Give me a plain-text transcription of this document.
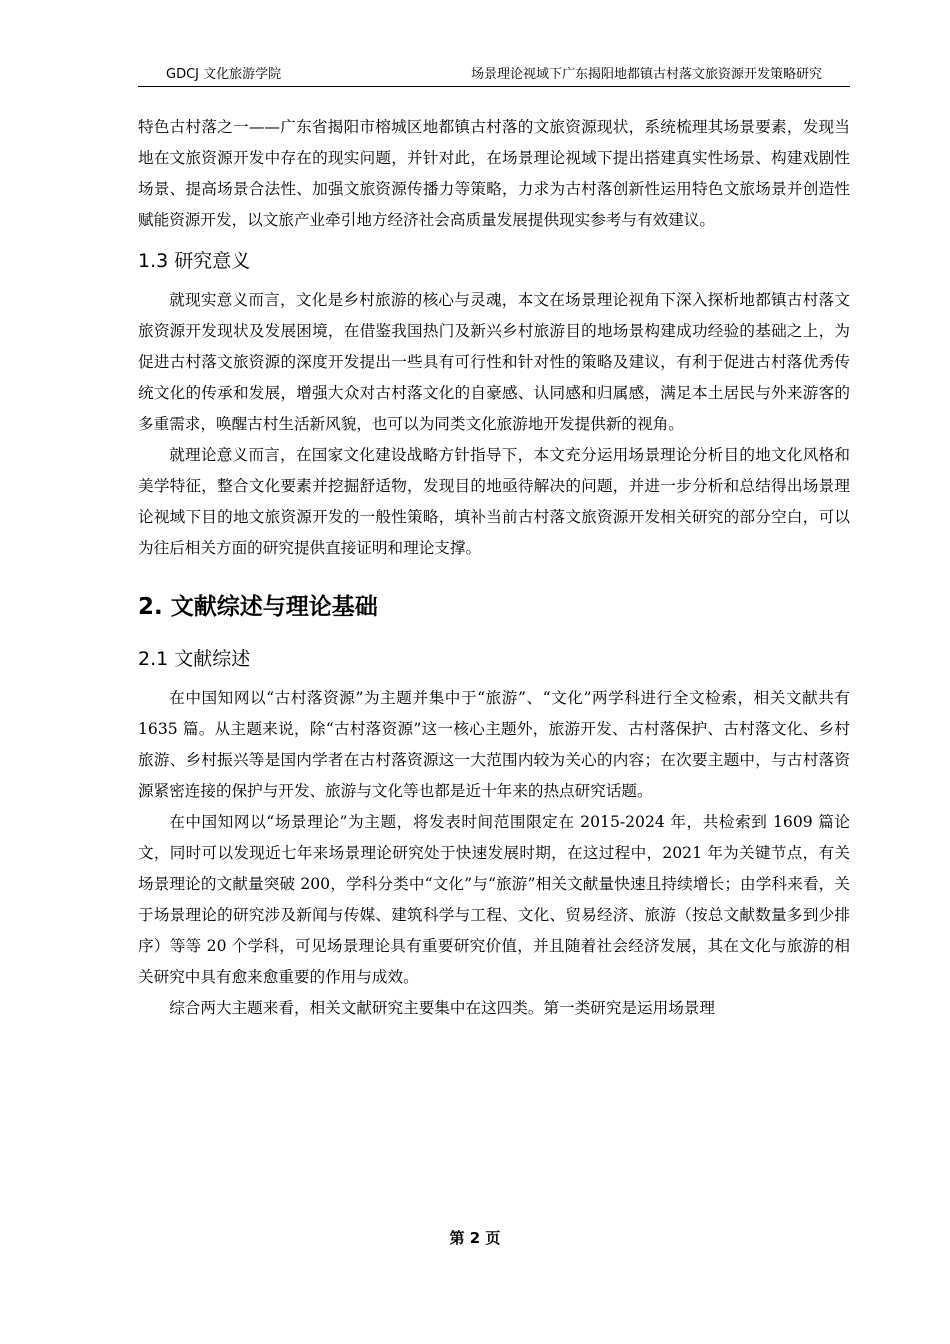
GDCJ 文化旅游学院	场景理论视域下广东揭阳地都镇古村落文旅资源开发策略研究

特色古村落之一——广东省揭阳市榕城区地都镇古村落的文旅资源现状，系统梳理其场景要素，发现当地在文旅资源开发中存在的现实问题，并针对此，在场景理论视域下提出搭建真实性场景、构建戏剧性场景、提高场景合法性、加强文旅资源传播力等策略，力求为古村落创新性运用特色文旅场景并创造性赋能资源开发，以文旅产业牵引地方经济社会高质量发展提供现实参考与有效建议。

1.3 研究意义

就现实意义而言，文化是乡村旅游的核心与灵魂，本文在场景理论视角下深入探析地都镇古村落文旅资源开发现状及发展困境，在借鉴我国热门及新兴乡村旅游目的地场景构建成功经验的基础之上，为促进古村落文旅资源的深度开发提出一些具有可行性和针对性的策略及建议，有利于促进古村落优秀传统文化的传承和发展，增强大众对古村落文化的自豪感、认同感和归属感，满足本土居民与外来游客的多重需求，唤醒古村生活新风貌，也可以为同类文化旅游地开发提供新的视角。

就理论意义而言，在国家文化建设战略方针指导下，本文充分运用场景理论分析目的地文化风格和美学特征，整合文化要素并挖掘舒适物，发现目的地亟待解决的问题，并进一步分析和总结得出场景理论视域下目的地文旅资源开发的一般性策略，填补当前古村落文旅资源开发相关研究的部分空白，可以为往后相关方面的研究提供直接证明和理论支撑。

2. 文献综述与理论基础
2.1 文献综述

在中国知网以“古村落资源”为主题并集中于“旅游”、“文化”两学科进行全文检索，相关文献共有 1635 篇。从主题来说，除“古村落资源”这一核心主题外，旅游开发、古村落保护、古村落文化、乡村旅游、乡村振兴等是国内学者在古村落资源这一大范围内较为关心的内容；在次要主题中，与古村落资源紧密连接的保护与开发、旅游与文化等也都是近十年来的热点研究话题。

在中国知网以“场景理论”为主题，将发表时间范围限定在 2015-2024 年，共检索到 1609 篇论文，同时可以发现近七年来场景理论研究处于快速发展时期，在这过程中，2021 年为关键节点，有关场景理论的文献量突破 200，学科分类中“文化”与“旅游”相关文献量快速且持续增长；由学科来看，关于场景理论的研究涉及新闻与传媒、建筑科学与工程、文化、贸易经济、旅游（按总文献数量多到少排序）等等 20 个学科，可见场景理论具有重要研究价值，并且随着社会经济发展，其在文化与旅游的相关研究中具有愈来愈重要的作用与成效。

综合两大主题来看，相关文献研究主要集中在这四类。第一类研究是运用场景理

第 2 页
